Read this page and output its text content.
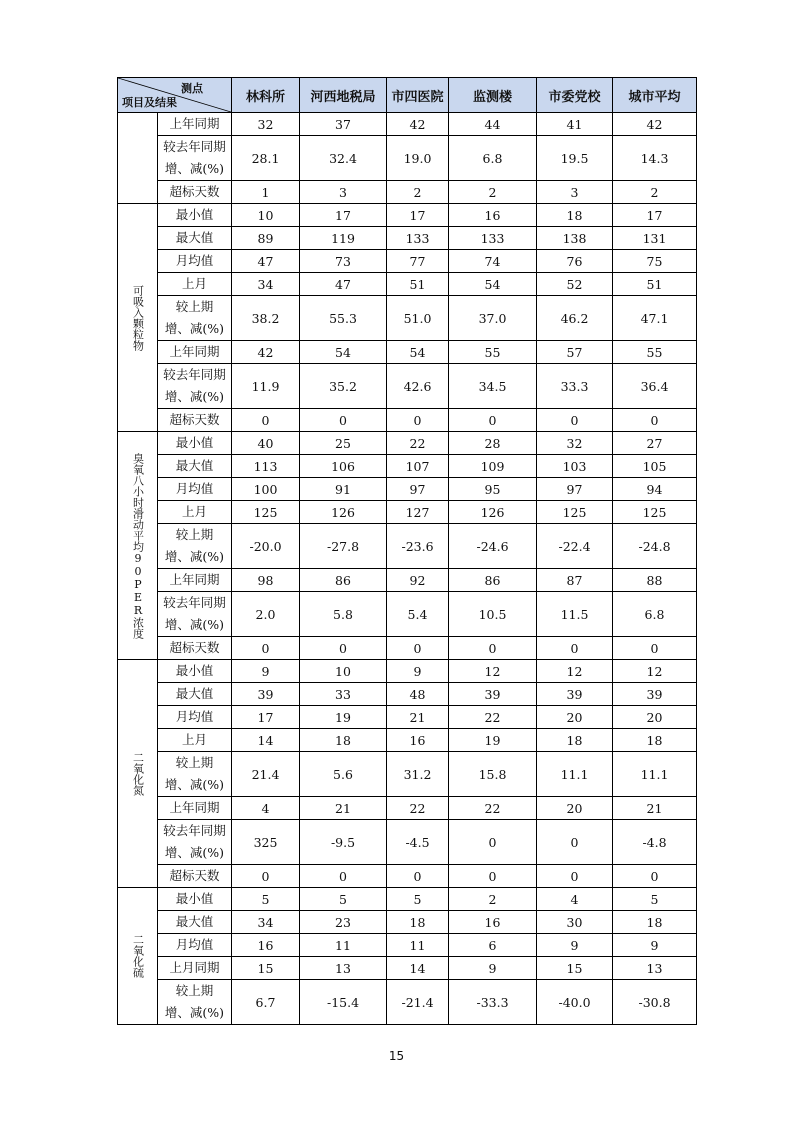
测点
项目及结果		林科所	河西地税局	市四医院	监测楼	市委党校	城市平均
	上年同期	32	37	42	44	41	42

	较去年同期
增、减(%)	28.1	32.4	19.0	6.8	19.5	14.3
	超标天数	1	3	2	2	3	2

可吸入颗粒物	最小值	10	17	17	16	18	17
	最大值	89	119	133	133	138	131
	月均值	47	73	77	74	76	75
	上月	34	47	51	54	52	51

	较上期
增、减(%)	38.2	55.3	51.0	37.0	46.2	47.1
	上年同期	42	54	54	55	57	55

	较去年同期
增、减(%)	11.9	35.2	42.6	34.5	33.3	36.4
	超标天数	0	0	0	0	0	0

臭氧八小时滑动平均90PER浓度	最小值	40	25	22	28	32	27
	最大值	113	106	107	109	103	105
	月均值	100	91	97	95	97	94
	上月	125	126	127	126	125	125

	较上期
增、减(%)	-20.0	-27.8	-23.6	-24.6	-22.4	-24.8
	上年同期	98	86	92	86	87	88

	较去年同期
增、减(%)	2.0	5.8	5.4	10.5	11.5	6.8
	超标天数	0	0	0	0	0	0

二氧化氮	最小值	9	10	9	12	12	12
	最大值	39	33	48	39	39	39
	月均值	17	19	21	22	20	20
	上月	14	18	16	19	18	18

	较上期
增、减(%)	21.4	5.6	31.2	15.8	11.1	11.1
	上年同期	4	21	22	22	20	21

	较去年同期
增、减(%)	325	-9.5	-4.5	0	0	-4.8
	超标天数	0	0	0	0	0	0

二氧化硫	最小值	5	5	5	2	4	5
	最大值	34	23	18	16	30	18
	月均值	16	11	11	6	9	9
	上月同期	15	13	14	9	15	13

	较上期
增、减(%)	6.7	-15.4	-21.4	-33.3	-40.0	-30.8
15
